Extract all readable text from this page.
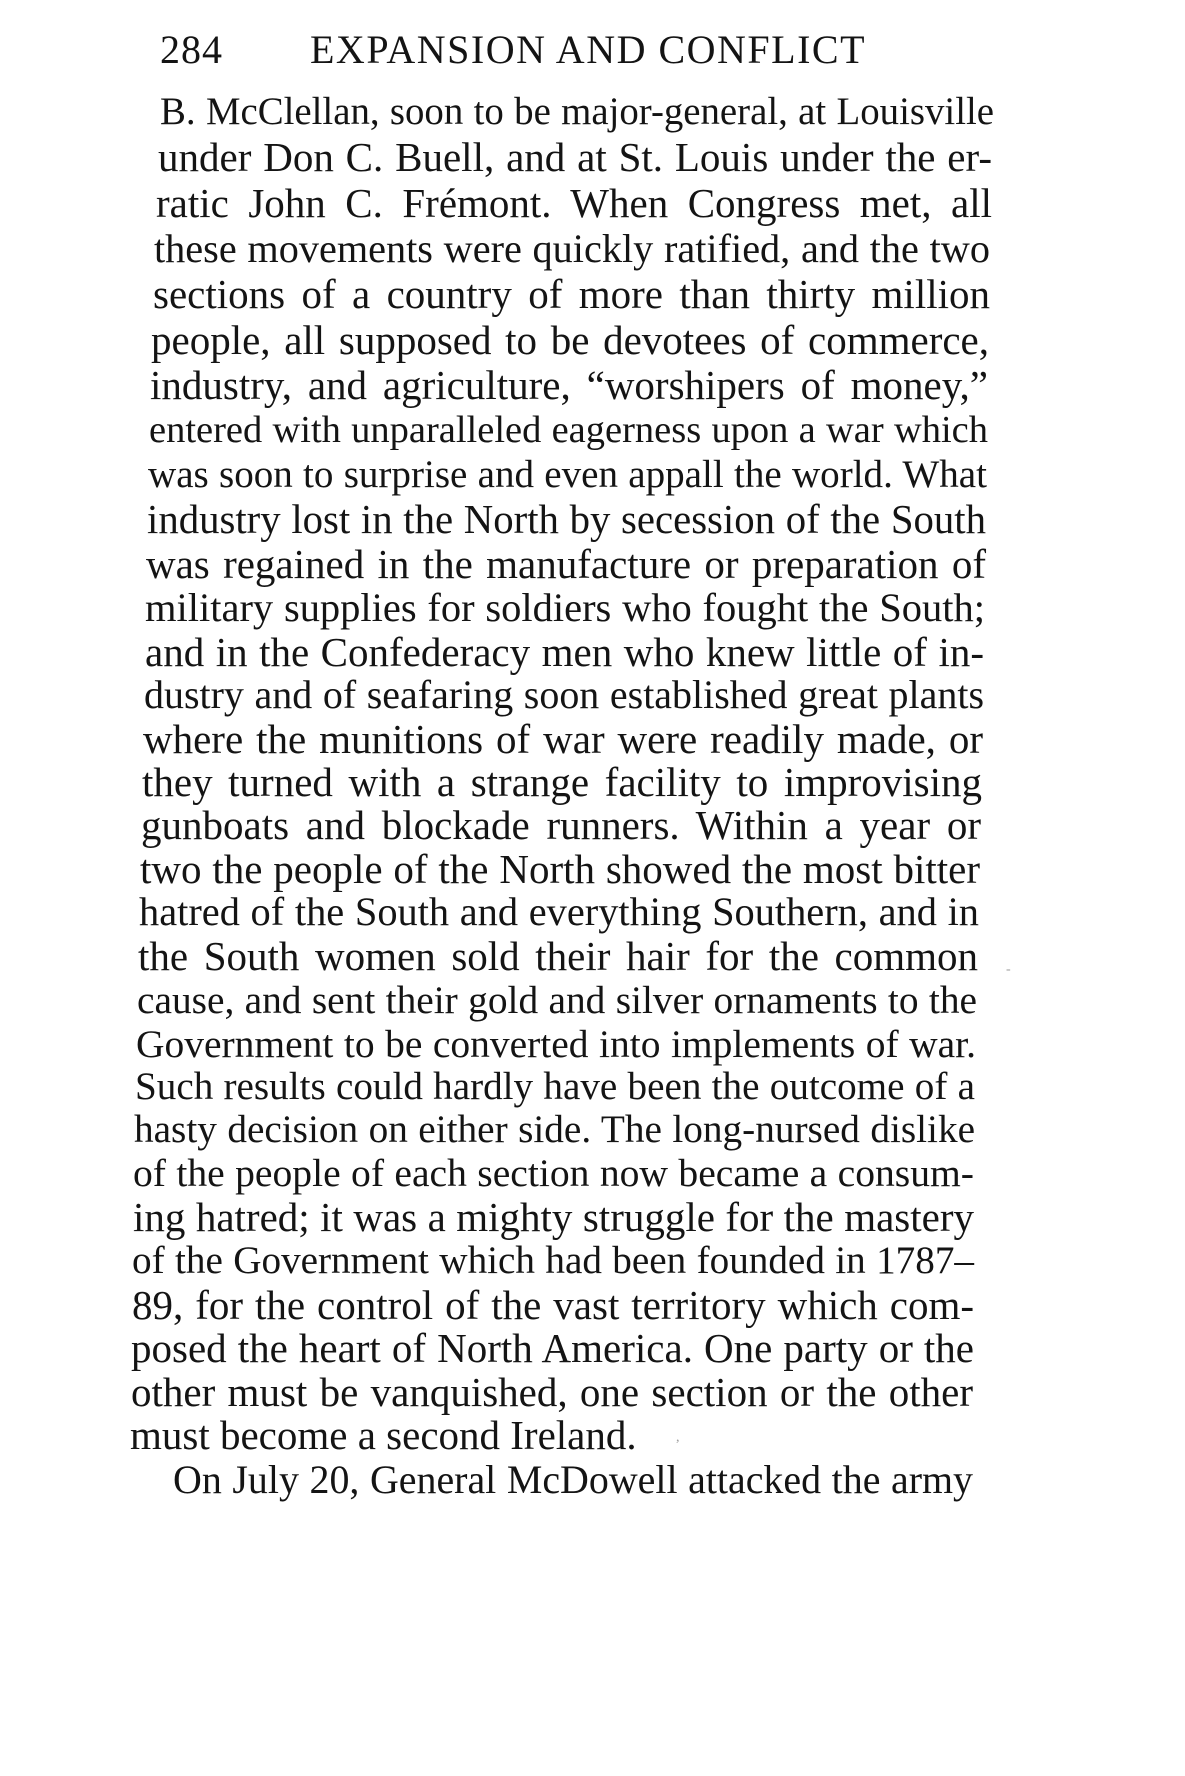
284 EXPANSION AND CONFLICT
B. McClellan, soon to be major-general, at Louisville
under Don C. Buell, and at St. Louis under the er-
ratic John C. Frémont. When Congress met, all
these movements were quickly ratified, and the two
sections of a country of more than thirty million
people, all supposed to be devotees of commerce,
industry, and agriculture, “worshipers of money,”
entered with unparalleled eagerness upon a war which
was soon to surprise and even appall the world. What
industry lost in the North by secession of the South
was regained in the manufacture or preparation of
military supplies for soldiers who fought the South;
and in the Confederacy men who knew little of in-
dustry and of seafaring soon established great plants
where the munitions of war were readily made, or
they turned with a strange facility to improvising
gunboats and blockade runners. Within a year or
two the people of the North showed the most bitter
hatred of the South and everything Southern, and in
the South women sold their hair for the common
cause, and sent their gold and silver ornaments to the
Government to be converted into implements of war.
Such results could hardly have been the outcome of a
hasty decision on either side. The long-nursed dislike
of the people of each section now became a consum-
ing hatred; it was a mighty struggle for the mastery
of the Government which had been founded in 1787–
89, for the control of the vast territory which com-
posed the heart of North America. One party or the
other must be vanquished, one section or the other
must become a second Ireland.
On July 20, General McDowell attacked the army
-
,
